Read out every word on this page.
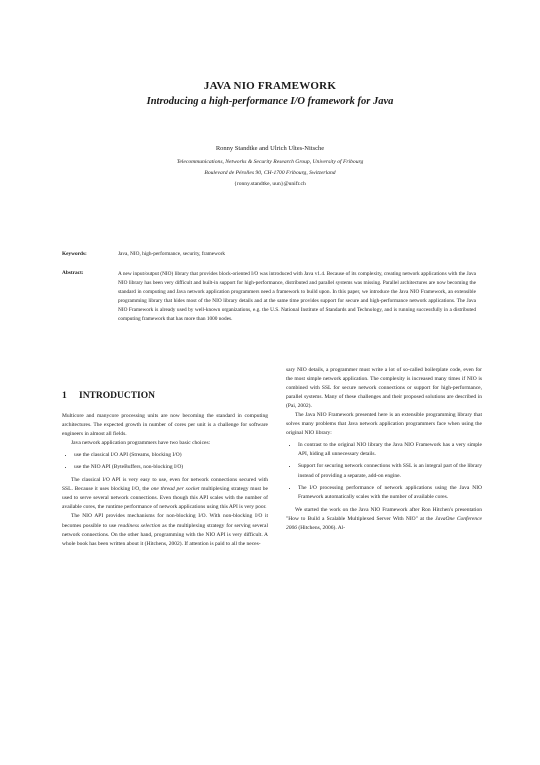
JAVA NIO FRAMEWORK
Introducing a high-performance I/O framework for Java
Ronny Standtke and Ulrich Ultes-Nitsche
Telecommunications, Networks & Security Research Group, University of Fribourg
Boulevard de Pérolles 90, CH-1700 Fribourg, Switzerland
{ronny.standtke, uun}@unifr.ch
Keywords:	Java, NIO, high-performance, security, framework
Abstract:	A new input/output (NIO) library that provides block-oriented I/O was introduced with Java v1.4. Because of its complexity, creating network applications with the Java NIO library has been very difficult and built-in support for high-performance, distributed and parallel systems was missing. Parallel architectures are now becoming the standard in computing and Java network application programmers need a framework to build upon. In this paper, we introduce the Java NIO Framework, an extensible programming library that hides most of the NIO library details and at the same time provides support for secure and high-performance network applications. The Java NIO Framework is already used by well-known organizations, e.g. the U.S. National Institute of Standards and Technology, and is running successfully in a distributed computing framework that has more than 1000 nodes.
1 INTRODUCTION

Multicore and manycore processing units are now becoming the standard in computing architectures. The expected growth in number of cores per unit is a challenge for software engineers in almost all fields.

Java network application programmers have two basic choices:

• use the classical I/O API (Streams, blocking I/O)
• use the NIO API (ByteBuffers, non-blocking I/O)

The classical I/O API is very easy to use, even for network connections secured with SSL. Because it uses blocking I/O, the one thread per socket multiplexing strategy must be used to serve several network connections. Even though this API scales with the number of available cores, the runtime performance of network applications using this API is very poor.

The NIO API provides mechanisms for non-blocking I/O. With non-blocking I/O it becomes possible to use readiness selection as the multiplexing strategy for serving several network connections. On the other hand, programming with the NIO API is very difficult. A whole book has been written about it (Hitchens, 2002). If attention is paid to all the neces-

sary NIO details, a programmer must write a lot of so-called boilerplate code, even for the most simple network application. The complexity is increased many times if NIO is combined with SSL for secure network connections or support for high-performance, parallel systems. Many of these challenges and their proposed solutions are described in (Pai, 2002).

The Java NIO Framework presented here is an extensible programming library that solves many problems that Java network application programmers face when using the original NIO library:

• In contrast to the original NIO library the Java NIO Framework has a very simple API, hiding all unnecessary details.
• Support for securing network connections with SSL is an integral part of the library instead of providing a separate, add-on engine.
• The I/O processing performance of network applications using the Java NIO Framework automatically scales with the number of available cores.

We started the work on the Java NIO Framework after Ron Hitchen's presentation "How to Build a Scalable Multiplexed Server With NIO" at the JavaOne Conference 2006 (Hitchens, 2006). Al-
